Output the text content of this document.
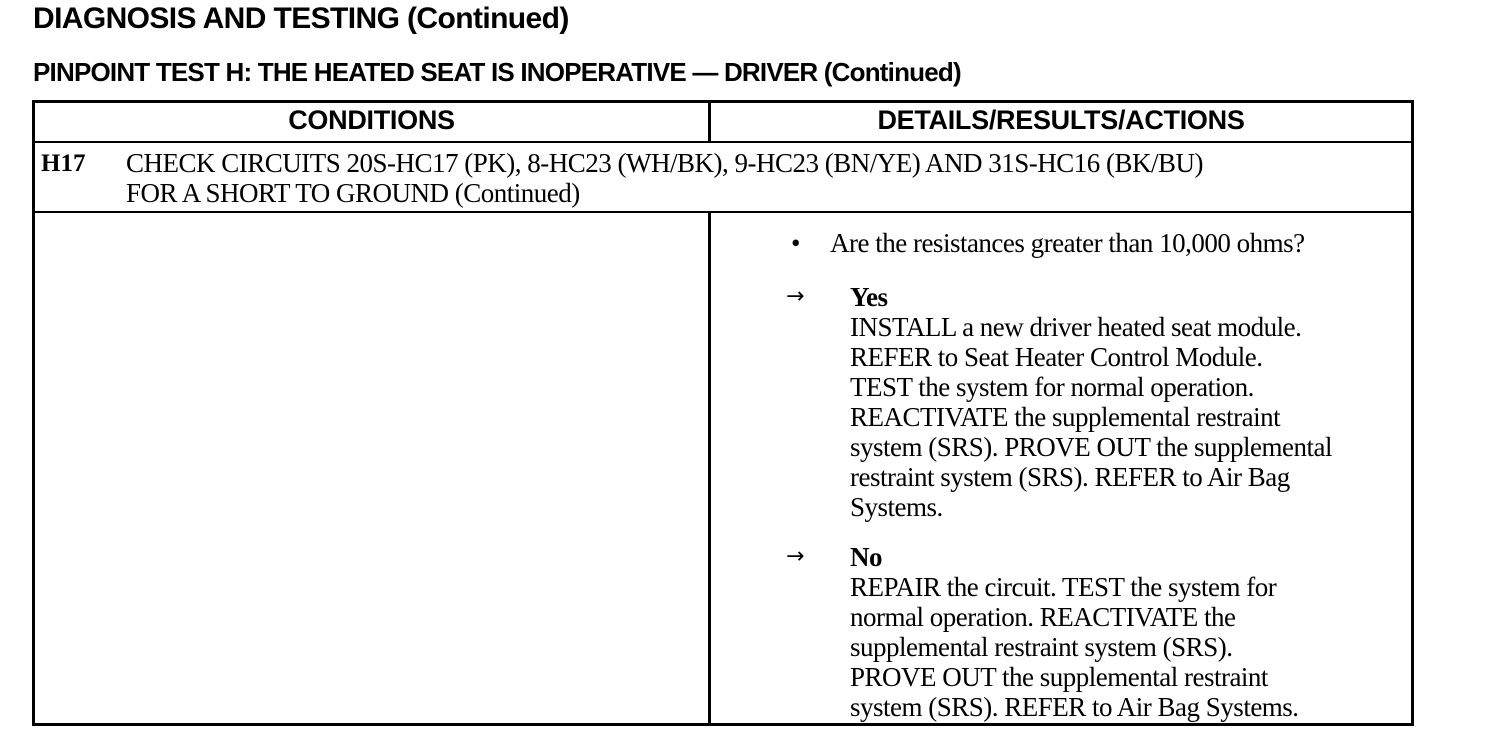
DIAGNOSIS AND TESTING (Continued)
PINPOINT TEST H: THE HEATED SEAT IS INOPERATIVE — DRIVER (Continued)
CONDITIONS	DETAILS/RESULTS/ACTIONS
H17 CHECK CIRCUITS 20S-HC17 (PK), 8-HC23 (WH/BK), 9-HC23 (BN/YE) AND 31S-HC16 (BK/BU)
FOR A SHORT TO GROUND (Continued)
• Are the resistances greater than 10,000 ohms?
→ Yes
INSTALL a new driver heated seat module.
REFER to Seat Heater Control Module.
TEST the system for normal operation.
REACTIVATE the supplemental restraint
system (SRS). PROVE OUT the supplemental
restraint system (SRS). REFER to Air Bag
Systems.
→ No
REPAIR the circuit. TEST the system for
normal operation. REACTIVATE the
supplemental restraint system (SRS).
PROVE OUT the supplemental restraint
system (SRS). REFER to Air Bag Systems.
